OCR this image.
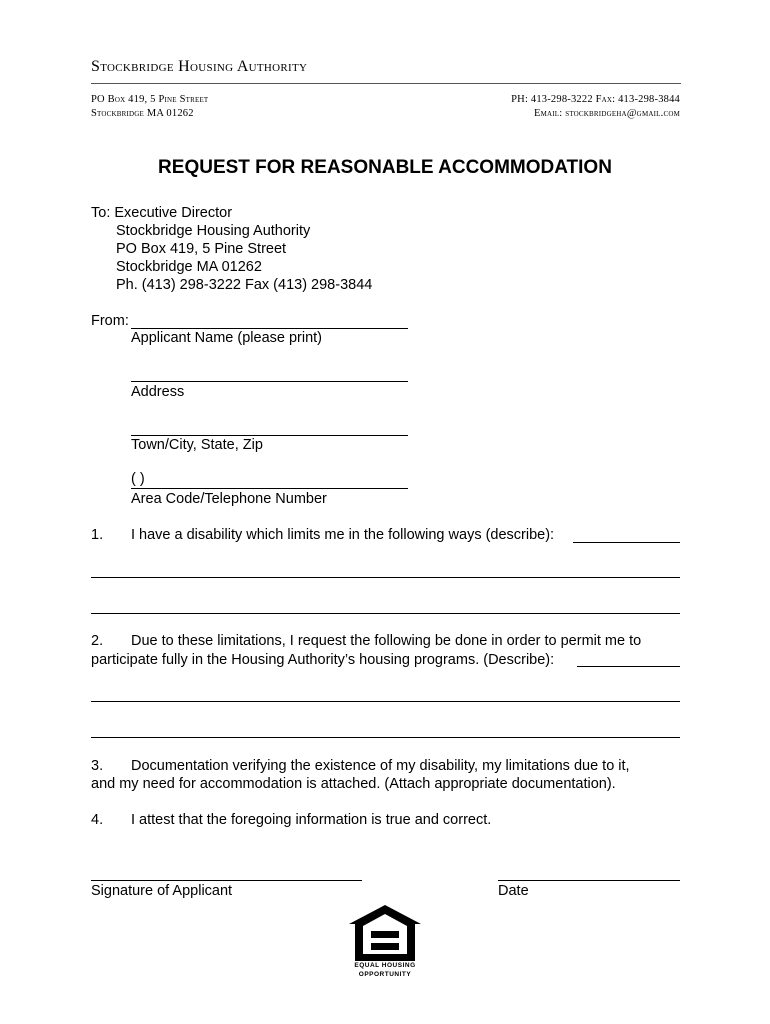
Stockbridge Housing Authority
PO Box 419, 5 Pine Street
Stockbridge MA 01262
PH: 413-298-3222 Fax: 413-298-3844
Email: stockbridgeha@gmail.com
REQUEST FOR REASONABLE ACCOMMODATION
To: Executive Director
Stockbridge Housing Authority
PO Box 419, 5 Pine Street
Stockbridge MA 01262
Ph. (413) 298-3222 Fax (413) 298-3844
From:
Applicant Name (please print)
Address
Town/City, State, Zip
( )
Area Code/Telephone Number
1. I have a disability which limits me in the following ways (describe):
2. Due to these limitations, I request the following be done in order to permit me to
participate fully in the Housing Authority’s housing programs. (Describe):
3. Documentation verifying the existence of my disability, my limitations due to it,
and my need for accommodation is attached. (Attach appropriate documentation).
4. I attest that the foregoing information is true and correct.
Signature of Applicant	Date
EQUAL HOUSING
OPPORTUNITY
